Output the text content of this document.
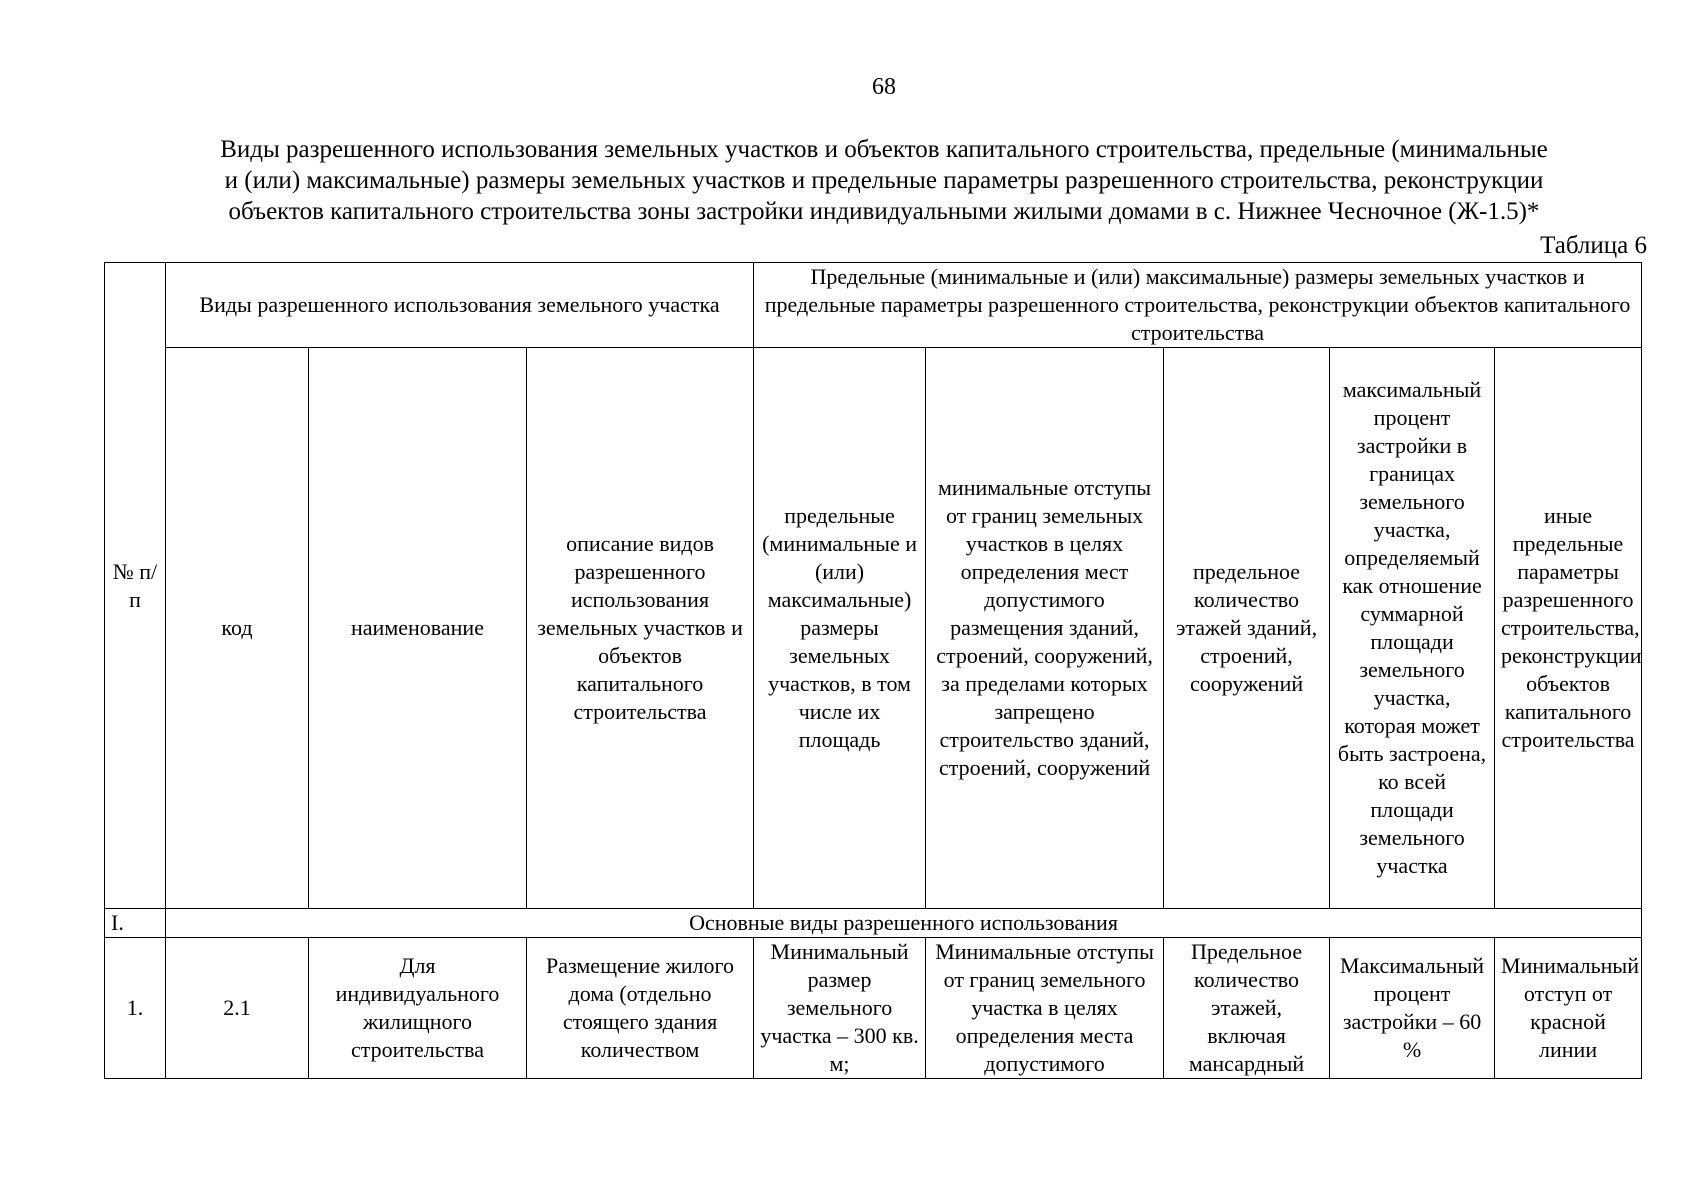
68
Виды разрешенного использования земельных участков и объектов капитального строительства, предельные (минимальные
и (или) максимальные) размеры земельных участков и предельные параметры разрешенного строительства, реконструкции
объектов капитального строительства зоны застройки индивидуальными жилыми домами в с. Нижнее Чесночное (Ж-1.5)*
Таблица 6
№ п/п	Виды разрешенного использования земельного участка			Предельные (минимальные и (или) максимальные) размеры земельных участков и предельные параметры разрешенного строительства, реконструкции объектов капитального строительства				
	код	наименование	описание видов разрешенного использования земельных участков и объектов капитального строительства	предельные (минимальные и (или) максимальные) размеры земельных участков, в том числе их площадь	минимальные отступы от границ земельных участков в целях определения мест допустимого размещения зданий, строений, сооружений, за пределами которых запрещено строительство зданий, строений, сооружений	предельное количество этажей зданий, строений, сооружений	максимальный процент застройки в границах земельного участка, определяемый как отношение суммарной площади земельного участка, которая может быть застроена, ко всей площади земельного участка	иные предельные параметры разрешенного строительства, реконструкции объектов капитального строительства
I.	Основные виды разрешенного использования							
1.	2.1	Для индивидуального жилищного строительства	Размещение жилого дома (отдельно стоящего здания количеством	Минимальный размер земельного участка – 300 кв. м;	Минимальные отступы от границ земельного участка в целях определения места допустимого	Предельное количество этажей, включая мансардный	Максимальный процент застройки – 60 %	Минимальный отступ от красной линии
